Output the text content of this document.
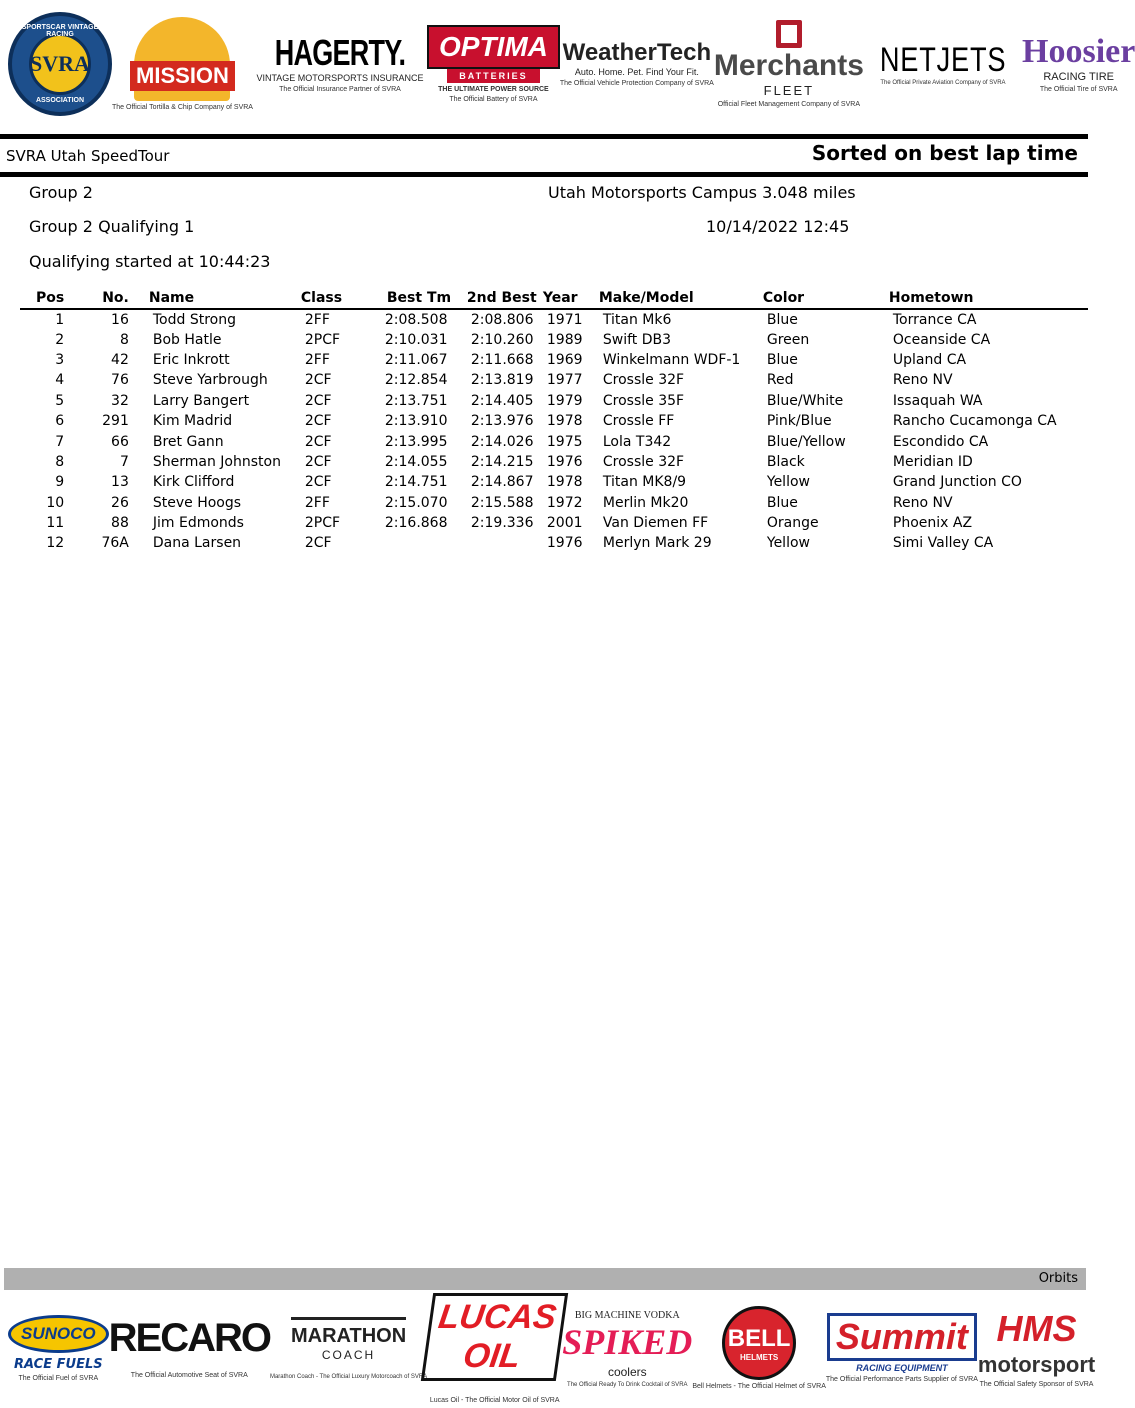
SPORTSCAR VINTAGE RACING
SVRA
ASSOCIATION
MISSION
The Official Tortilla & Chip Company of SVRA
HAGERTY.
VINTAGE MOTORSPORTS INSURANCE
The Official Insurance Partner of SVRA
OPTIMA
BATTERIES
THE ULTIMATE POWER SOURCE
The Official Battery of SVRA
WeatherTech
Auto. Home. Pet. Find Your Fit.
The Official Vehicle Protection Company of SVRA
Merchants
FLEET
Official Fleet Management Company of SVRA
NETJETS
The Official Private Aviation Company of SVRA
Hoosier
RACING TIRE
The Official Tire of SVRA
SVRA Utah SpeedTour	Sorted on best lap time
Group 2	Utah Motorsports Campus 3.048 miles
Group 2 Qualifying 1	10/14/2022 12:45
Qualifying started at 10:44:23
Pos	No.	Name	Class	Best Tm	2nd Best	Year	Make/Model	Color	Hometown
1	16	Todd Strong	2FF	2:08.508	2:08.806	1971	Titan Mk6	Blue	Torrance CA
2	8	Bob Hatle	2PCF	2:10.031	2:10.260	1989	Swift DB3	Green	Oceanside CA
3	42	Eric Inkrott	2FF	2:11.067	2:11.668	1969	Winkelmann WDF-1	Blue	Upland CA
4	76	Steve Yarbrough	2CF	2:12.854	2:13.819	1977	Crossle 32F	Red	Reno NV
5	32	Larry Bangert	2CF	2:13.751	2:14.405	1979	Crossle 35F	Blue/White	Issaquah WA
6	291	Kim Madrid	2CF	2:13.910	2:13.976	1978	Crossle FF	Pink/Blue	Rancho Cucamonga CA
7	66	Bret Gann	2CF	2:13.995	2:14.026	1975	Lola T342	Blue/Yellow	Escondido CA
8	7	Sherman Johnston	2CF	2:14.055	2:14.215	1976	Crossle 32F	Black	Meridian ID
9	13	Kirk Clifford	2CF	2:14.751	2:14.867	1978	Titan MK8/9	Yellow	Grand Junction CO
10	26	Steve Hoogs	2FF	2:15.070	2:15.588	1972	Merlin Mk20	Blue	Reno NV
11	88	Jim Edmonds	2PCF	2:16.868	2:19.336	2001	Van Diemen FF	Orange	Phoenix AZ
12	76A	Dana Larsen	2CF			1976	Merlyn Mark 29	Yellow	Simi Valley CA
Orbits
SUNOCO
RACE FUELS
The Official Fuel of SVRA
RECARO
The Official Automotive Seat of SVRA
MARATHON
COACH
Marathon Coach - The Official Luxury Motorcoach of SVRA
LUCAS OIL
Lucas Oil - The Official Motor Oil of SVRA
BIG MACHINE VODKA
SPIKED
coolers
The Official Ready To Drink Cocktail of SVRA
BELL
HELMETS
Bell Helmets - The Official Helmet of SVRA
Summit
RACING EQUIPMENT
The Official Performance Parts Supplier of SVRA
HMS
motorsport
The Official Safety Sponsor of SVRA
